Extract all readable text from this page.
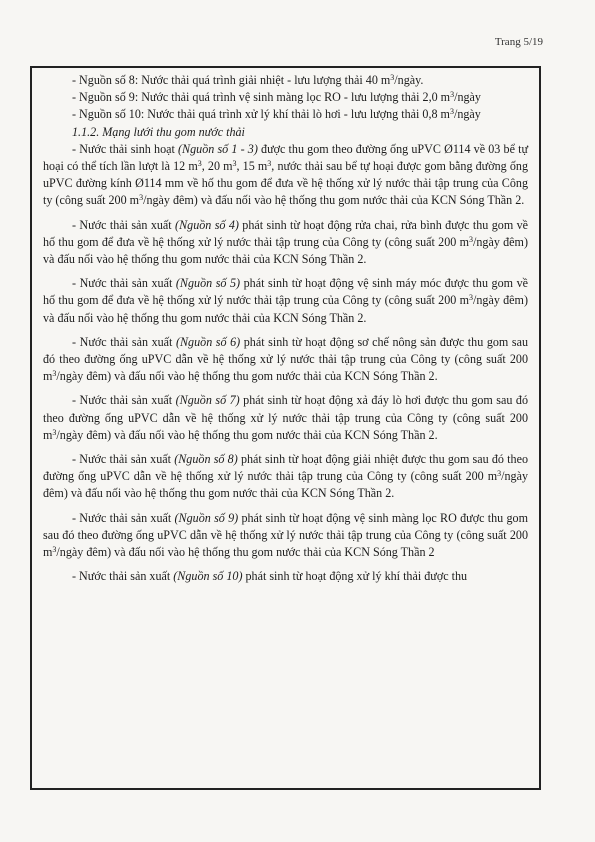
Trang 5/19

- Nguồn số 8: Nước thải quá trình giải nhiệt - lưu lượng thải 40 $m^3$/ngày.

- Nguồn số 9: Nước thải quá trình vệ sinh màng lọc RO - lưu lượng thải 2,0 $m^3$/ngày

- Nguồn số 10: Nước thải quá trình xử lý khí thải lò hơi - lưu lượng thải 0,8 $m^3$/ngày

1.1.2. Mạng lưới thu gom nước thải

- Nước thải sinh hoạt (Nguồn số 1 - 3) được thu gom theo đường ống uPVC Ø114 về 03 bể tự hoại có thể tích lần lượt là 12 $m^3$, 20 $m^3$, 15 $m^3$, nước thải sau bể tự hoại được gom bằng đường ống uPVC đường kính Ø114 mm về hố thu gom để đưa về hệ thống xử lý nước thải tập trung của Công ty (công suất 200 $m^3$/ngày đêm) và đấu nối vào hệ thống thu gom nước thải của KCN Sóng Thần 2.

- Nước thải sản xuất (Nguồn số 4) phát sinh từ hoạt động rửa chai, rửa bình được thu gom về hố thu gom để đưa về hệ thống xử lý nước thải tập trung của Công ty (công suất 200 $m^3$/ngày đêm) và đấu nối vào hệ thống thu gom nước thải của KCN Sóng Thần 2.

- Nước thải sản xuất (Nguồn số 5) phát sinh từ hoạt động vệ sinh máy móc được thu gom về hố thu gom để đưa về hệ thống xử lý nước thải tập trung của Công ty (công suất 200 $m^3$/ngày đêm) và đấu nối vào hệ thống thu gom nước thải của KCN Sóng Thần 2.

- Nước thải sản xuất (Nguồn số 6) phát sinh từ hoạt động sơ chế nông sản được thu gom sau đó theo đường ống uPVC dẫn về hệ thống xử lý nước thải tập trung của Công ty (công suất 200 $m^3$/ngày đêm) và đấu nối vào hệ thống thu gom nước thải của KCN Sóng Thần 2.

- Nước thải sản xuất (Nguồn số 7) phát sinh từ hoạt động xả đáy lò hơi được thu gom sau đó theo đường ống uPVC dẫn về hệ thống xử lý nước thải tập trung của Công ty (công suất 200 $m^3$/ngày đêm) và đấu nối vào hệ thống thu gom nước thải của KCN Sóng Thần 2.

- Nước thải sản xuất (Nguồn số 8) phát sinh từ hoạt động giải nhiệt được thu gom sau đó theo đường ống uPVC dẫn về hệ thống xử lý nước thải tập trung của Công ty (công suất 200 $m^3$/ngày đêm) và đấu nối vào hệ thống thu gom nước thải của KCN Sóng Thần 2.

- Nước thải sản xuất (Nguồn số 9) phát sinh từ hoạt động vệ sinh màng lọc RO được thu gom sau đó theo đường ống uPVC dẫn về hệ thống xử lý nước thải tập trung của Công ty (công suất 200 $m^3$/ngày đêm) và đấu nối vào hệ thống thu gom nước thải của KCN Sóng Thần 2

- Nước thải sản xuất (Nguồn số 10) phát sinh từ hoạt động xử lý khí thải được thu
